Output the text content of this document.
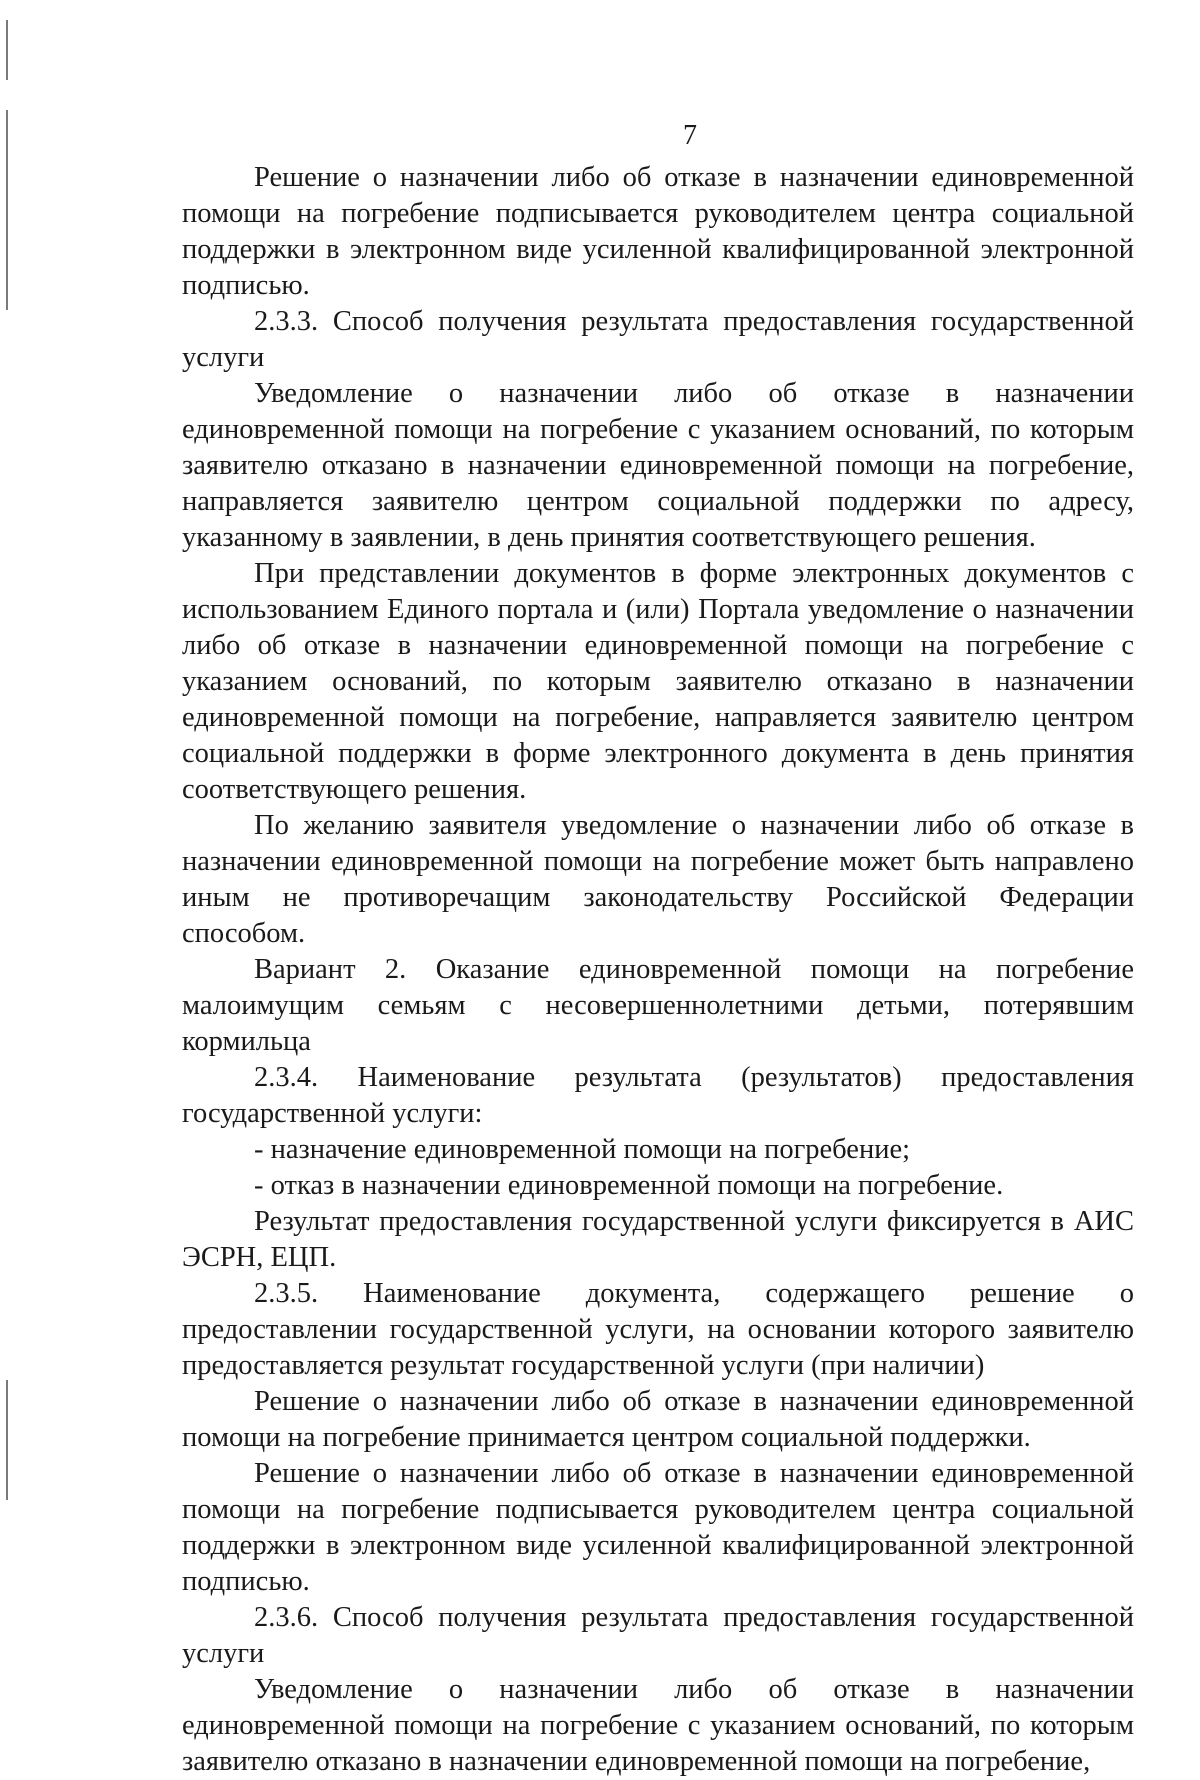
7

Решение о назначении либо об отказе в назначении единовременной помощи на погребение подписывается руководителем центра социальной поддержки в электронном виде усиленной квалифицированной электронной подписью.

2.3.3. Способ получения результата предоставления государственной услуги

Уведомление о назначении либо об отказе в назначении единовременной помощи на погребение с указанием оснований, по которым заявителю отказано в назначении единовременной помощи на погребение, направляется заявителю центром социальной поддержки по адресу, указанному в заявлении, в день принятия соответствующего решения.

При представлении документов в форме электронных документов с использованием Единого портала и (или) Портала уведомление о назначении либо об отказе в назначении единовременной помощи на погребение с указанием оснований, по которым заявителю отказано в назначении единовременной помощи на погребение, направляется заявителю центром социальной поддержки в форме электронного документа в день принятия соответствующего решения.

По желанию заявителя уведомление о назначении либо об отказе в назначении единовременной помощи на погребение может быть направлено иным не противоречащим законодательству Российской Федерации способом.

Вариант 2. Оказание единовременной помощи на погребение малоимущим семьям с несовершеннолетними детьми, потерявшим кормильца

2.3.4. Наименование результата (результатов) предоставления государственной услуги:

- назначение единовременной помощи на погребение;

- отказ в назначении единовременной помощи на погребение.

Результат предоставления государственной услуги фиксируется в АИС ЭСРН, ЕЦП.

2.3.5. Наименование документа, содержащего решение о предоставлении государственной услуги, на основании которого заявителю предоставляется результат государственной услуги (при наличии)

Решение о назначении либо об отказе в назначении единовременной помощи на погребение принимается центром социальной поддержки.

Решение о назначении либо об отказе в назначении единовременной помощи на погребение подписывается руководителем центра социальной поддержки в электронном виде усиленной квалифицированной электронной подписью.

2.3.6. Способ получения результата предоставления государственной услуги

Уведомление о назначении либо об отказе в назначении единовременной помощи на погребение с указанием оснований, по которым заявителю отказано в назначении единовременной помощи на погребение,
